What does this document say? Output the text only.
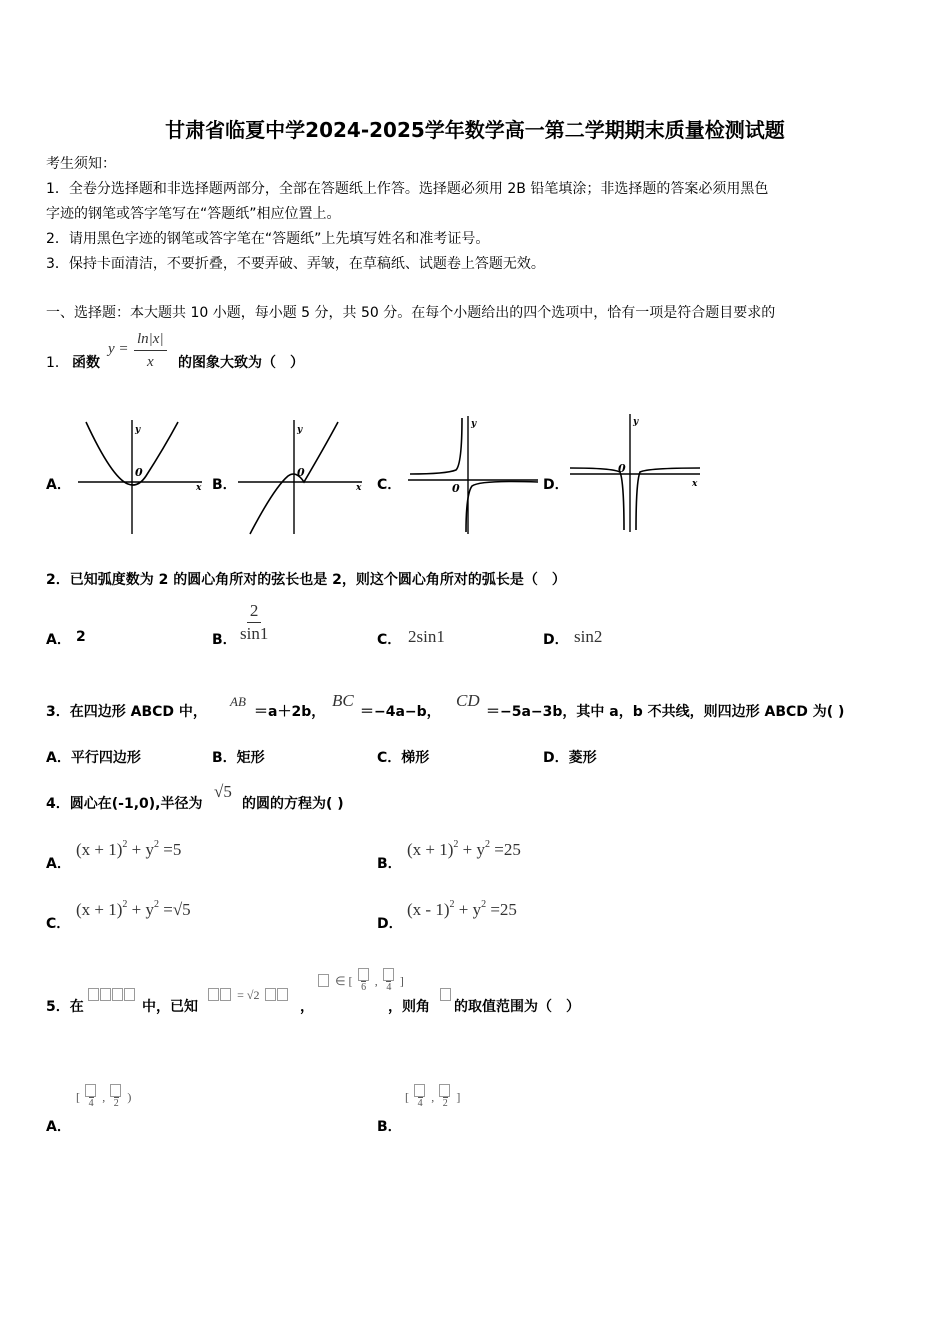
甘肃省临夏中学2024-2025学年数学高一第二学期期末质量检测试题
考生须知：
1．全卷分选择题和非选择题两部分，全部在答题纸上作答。选择题必须用 2B 铅笔填涂；非选择题的答案必须用黑色
字迹的钢笔或答字笔写在“答题纸”相应位置上。
2．请用黑色字迹的钢笔或答字笔在“答题纸”上先填写姓名和准考证号。
3．保持卡面清洁，不要折叠，不要弄破、弄皱，在草稿纸、试题卷上答题无效。
一、选择题：本大题共 10 小题，每小题 5 分，共 50 分。在每个小题给出的四个选项中，恰有一项是符合题目要求的
1． 函数
$y = \frac{\ln|x|}{x}$ 的图象大致为（　）
A．	B．	C．	D．
y
x
0
y
x
0
y
0
y
x
0
2．已知弧度数为 2 的圆心角所对的弦长也是 2，则这个圆心角所对的弧长是（　）
A． 2	B． $\frac{2}{\sin 1}$	C． 2sin1	D． sin2
3．在四边形 ABCD 中，
AB
＝a＋2b，
BC
＝−4a−b，
CD
＝−5a−3b，其中 a，b 不共线，则四边形 ABCD 为( )
A．平行四边形	B．矩形	C．梯形	D．菱形
4．圆心在(-1,0),半径为
√5
的圆的方程为( )
A．
$(x + 1)^2 + y^2 =5$
B．
$(x + 1)^2 + y^2 =25$
C．
$(x + 1)^2 + y^2 =√5$
D．
$(x - 1)^2 + y^2 =25$
5．在	中，已知
= √2
，
∈ [ 6 , 4 ]
，则角 的取值范围为（　）
[ 4 , 2 )
A．
[ 4 , 2 ]
B．
